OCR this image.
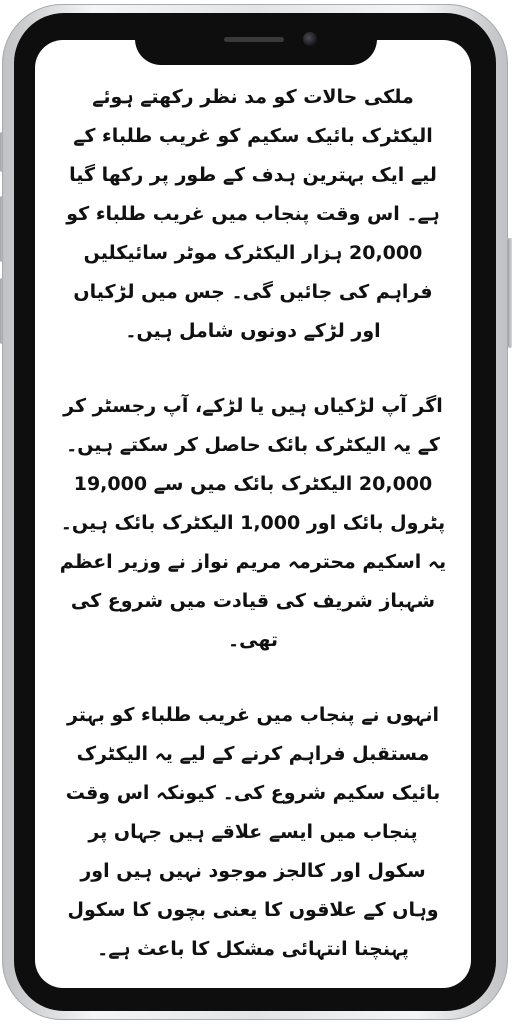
ملکی حالات کو مد نظر رکھتے ہوئے الیکٹرک بائیک سکیم کو غریب طلباء کے لیے ایک بہترین ہدف کے طور پر رکھا گیا ہے۔ اس وقت پنجاب میں غریب طلباء کو 20,000 ہزار الیکٹرک موٹر سائیکلیں فراہم کی جائیں گی۔ جس میں لڑکیاں اور لڑکے دونوں شامل ہیں۔

اگر آپ لڑکیاں ہیں یا لڑکے، آپ رجسٹر کر کے یہ الیکٹرک بائک حاصل کر سکتے ہیں۔ 20,000 الیکٹرک بائک میں سے 19,000 پٹرول بائک اور 1,000 الیکٹرک بائک ہیں۔ یہ اسکیم محترمہ مریم نواز نے وزیر اعظم شہباز شریف کی قیادت میں شروع کی تھی۔

انہوں نے پنجاب میں غریب طلباء کو بہتر مستقبل فراہم کرنے کے لیے یہ الیکٹرک بائیک سکیم شروع کی۔ کیونکہ اس وقت پنجاب میں ایسے علاقے ہیں جہاں پر سکول اور کالجز موجود نہیں ہیں اور وہاں کے علاقوں کا یعنی بچوں کا سکول پہنچنا انتہائی مشکل کا باعث ہے۔
